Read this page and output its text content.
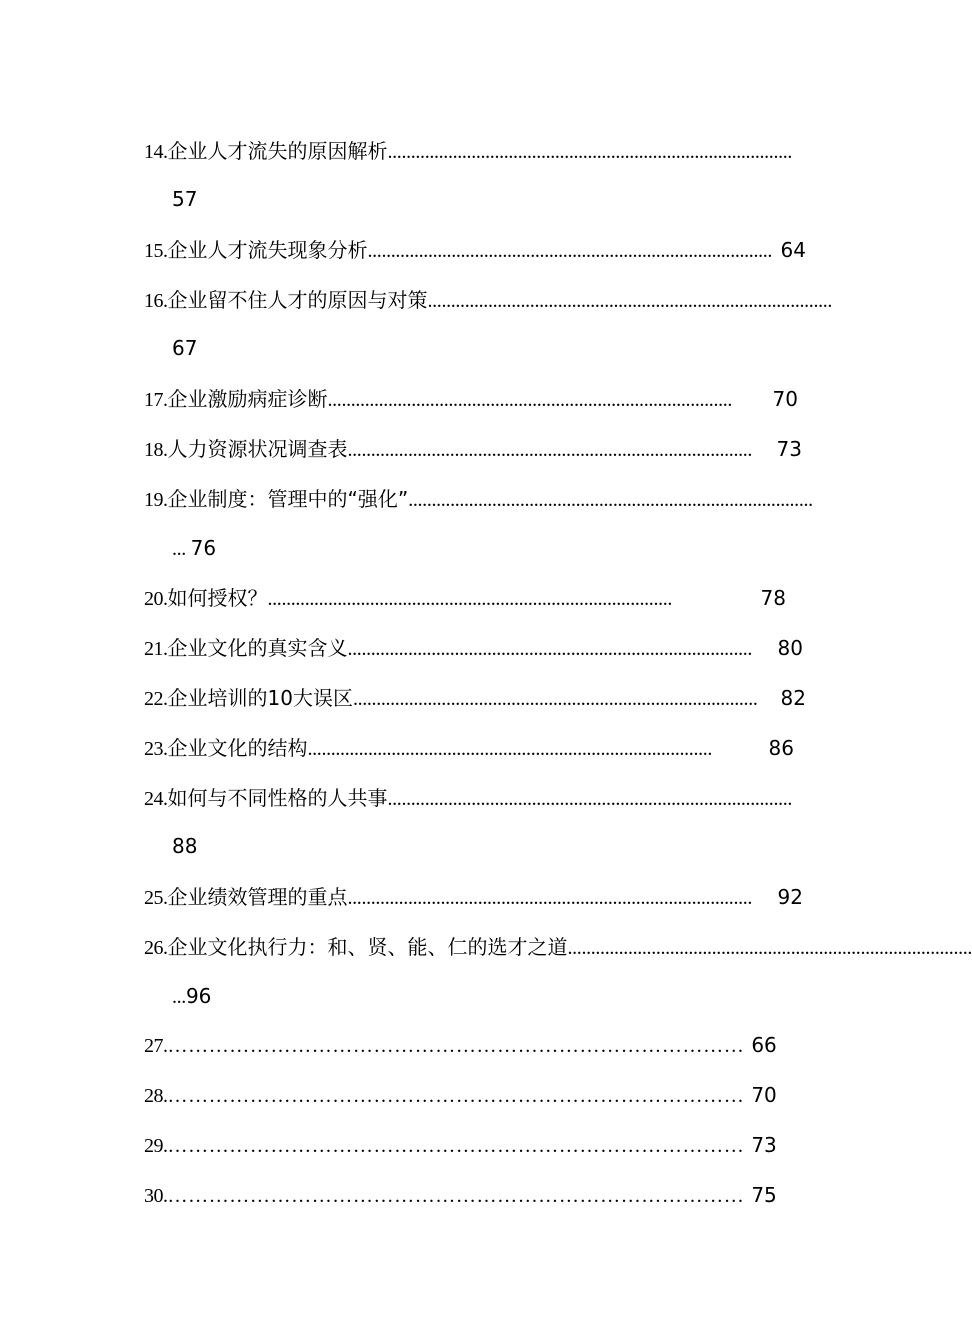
14. 企业人才流失的原因解析 .......................................................................................
57
15. 企业人才流失现象分析 ....................................................................................... 64
16. 企业留不住人才的原因与对策 .......................................................................................
67
17. 企业激励病症诊断 .......................................................................................	70
18. 人力资源状况调查表 .......................................................................................	73
19. 企业制度：管理中的“强化” .......................................................................................
... 76
20. 如何授权？ .......................................................................................	78
21. 企业文化的真实含义 .......................................................................................	80
22. 企业培训的10大误区 .......................................................................................	82
23. 企业文化的结构 .......................................................................................	86
24. 如何与不同性格的人共事 .......................................................................................
88
25. 企业绩效管理的重点 .......................................................................................	92
26. 企业文化执行力：和、贤、能、仁的选才之道 .......................................................................................
...96
27. ………………………………………………………………………… 66
28. ………………………………………………………………………… 70
29. ………………………………………………………………………… 73
30. ………………………………………………………………………… 75
